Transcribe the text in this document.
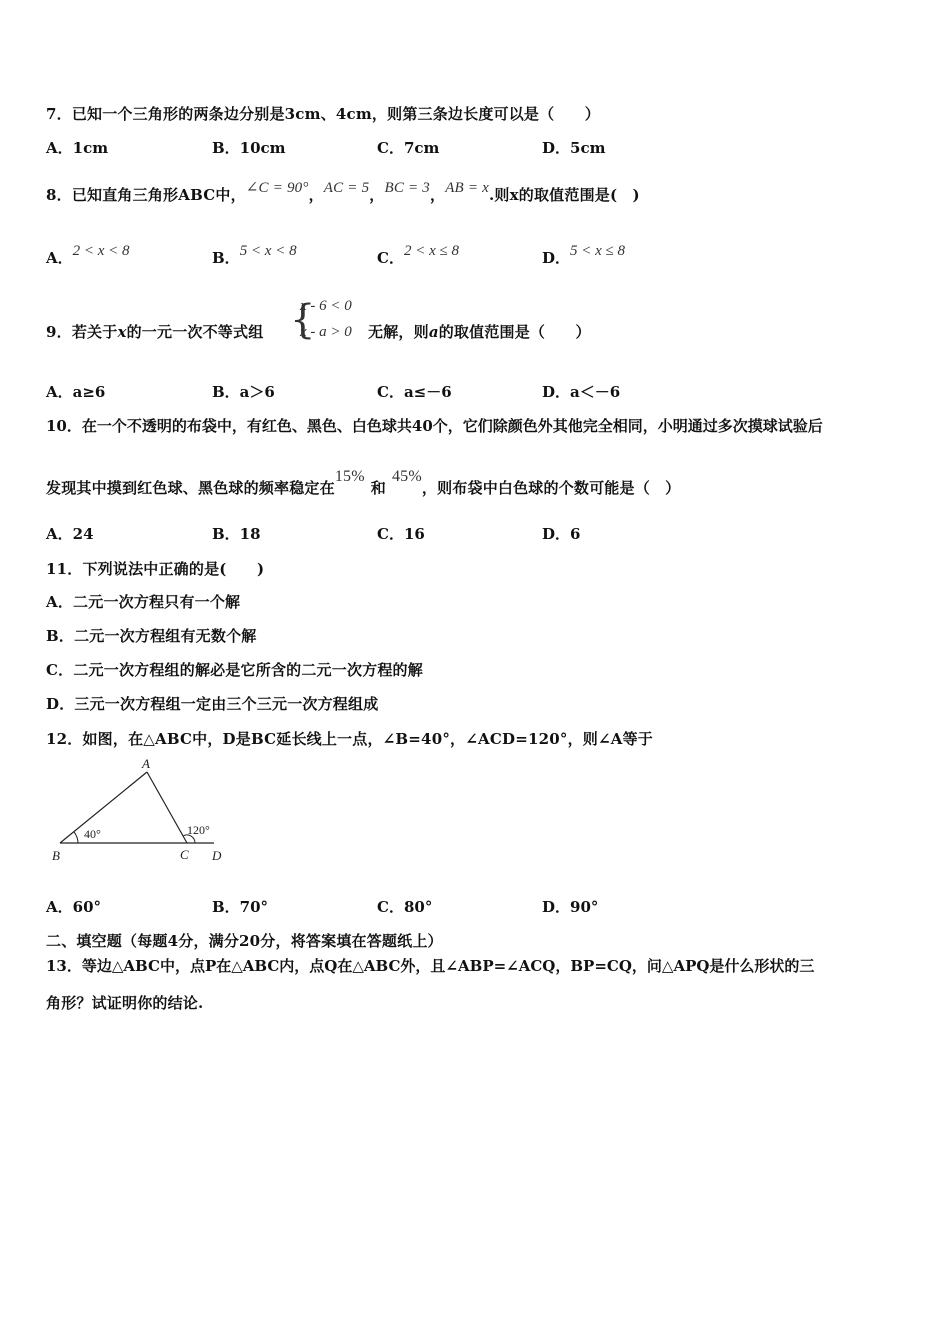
7．已知一个三角形的两条边分别是3cm、4cm，则第三条边长度可以是（　　）
A．1cm	B．10cm	C．7cm	D．5cm
8．已知直角三角形ABC中，∠C = 90°，AC = 5，BC = 3，AB = x.则x的取值范围是(　)
A．2 < x < 8	B．5 < x < 8	C．2 < x ≤ 8	D．5 < x ≤ 8
9．若关于x的一元一次不等式组 {
x - 6 < 0
x - a > 0 无解，则a的取值范围是（　　）
A．a≥6	B．a＞6	C．a≤－6	D．a＜－6
10．在一个不透明的布袋中，有红色、黑色、白色球共40个，它们除颜色外其他完全相同，小明通过多次摸球试验后
发现其中摸到红色球、黑色球的频率稳定在15%和45%，则布袋中白色球的个数可能是（　）
A．24	B．18	C．16	D．6
11．下列说法中正确的是(　　)
A．二元一次方程只有一个解
B．二元一次方程组有无数个解
C．二元一次方程组的解必是它所含的二元一次方程的解
D．三元一次方程组一定由三个三元一次方程组成
12．如图，在△ABC中，D是BC延长线上一点，∠B=40°，∠ACD=120°，则∠A等于
A
B	C D
40°	120°
A．60°	B．70°	C．80°	D．90°
二、填空题（每题4分，满分20分，将答案填在答题纸上）
13．等边△ABC中，点P在△ABC内，点Q在△ABC外，且∠ABP=∠ACQ，BP=CQ，问△APQ是什么形状的三
角形？试证明你的结论.
